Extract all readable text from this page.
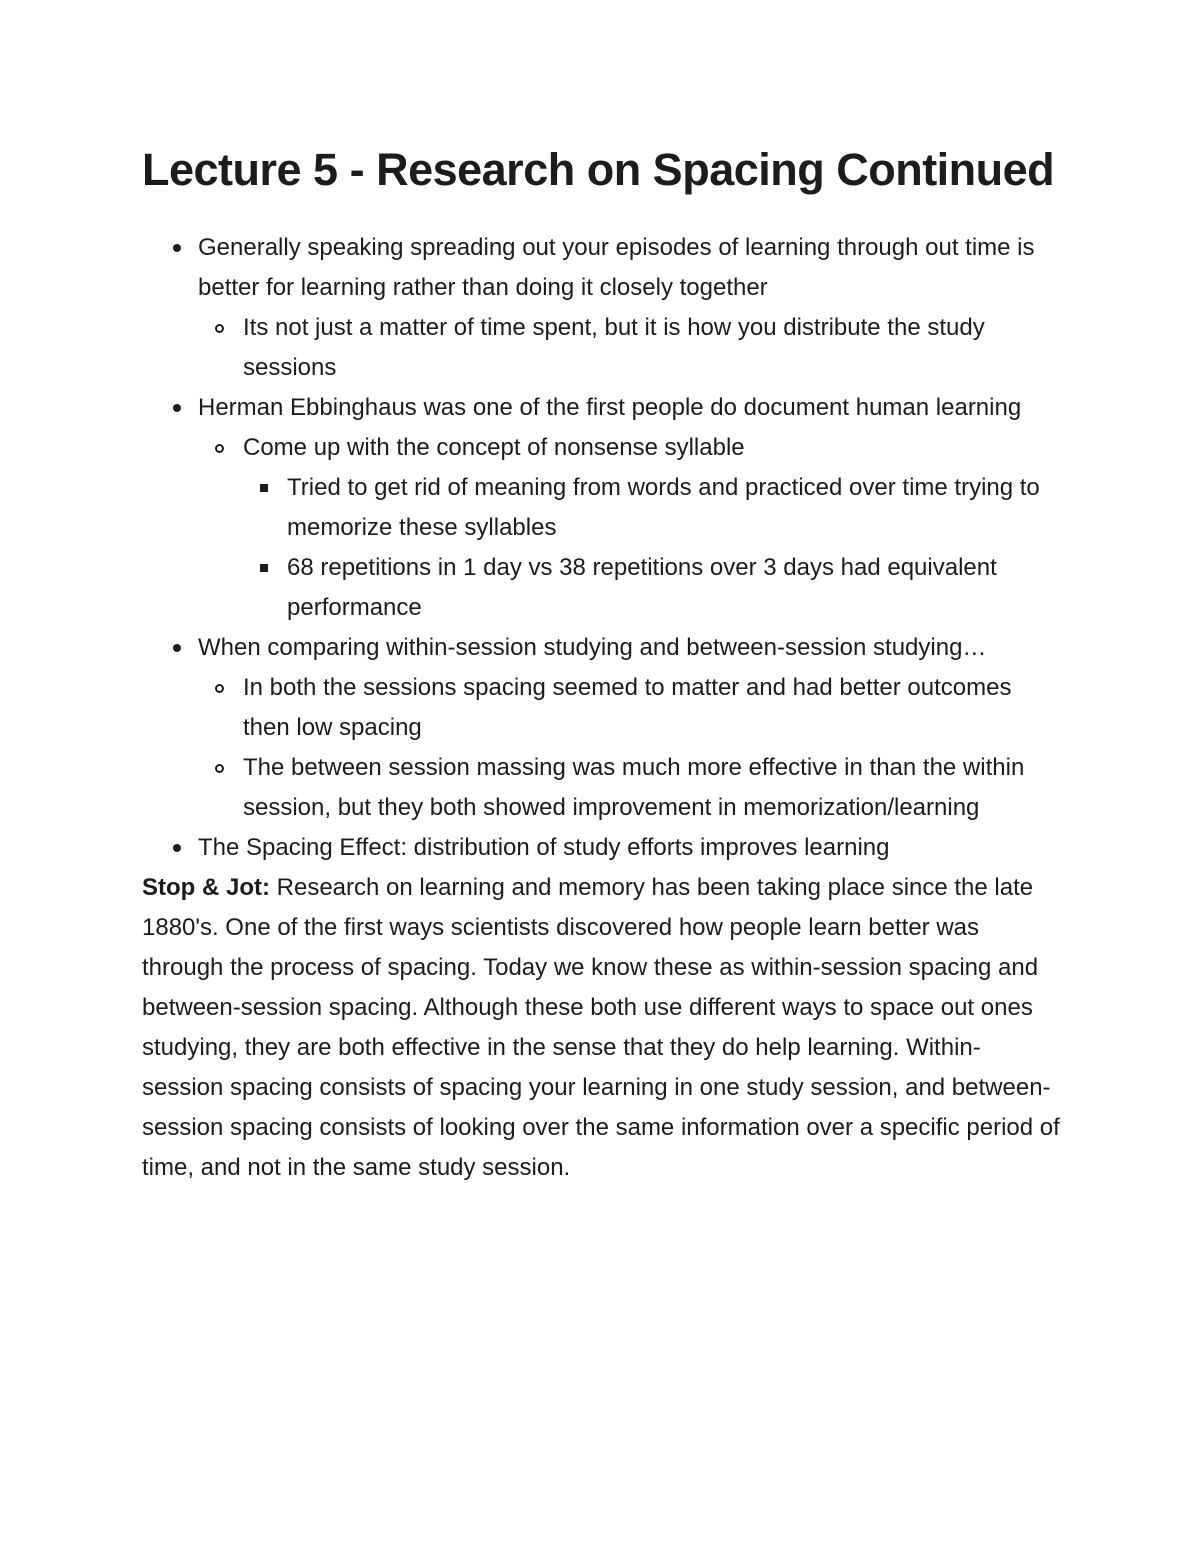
Lecture 5 - Research on Spacing Continued
Generally speaking spreading out your episodes of learning through out time is better for learning rather than doing it closely together
Its not just a matter of time spent, but it is how you distribute the study sessions
Herman Ebbinghaus was one of the first people do document human learning
Come up with the concept of nonsense syllable
Tried to get rid of meaning from words and practiced over time trying to memorize these syllables
68 repetitions in 1 day vs 38 repetitions over 3 days had equivalent performance
When comparing within-session studying and between-session studying…
In both the sessions spacing seemed to matter and had better outcomes then low spacing
The between session massing was much more effective in than the within session, but they both showed improvement in memorization/learning
The Spacing Effect: distribution of study efforts improves learning

Stop & Jot: Research on learning and memory has been taking place since the late 1880's. One of the first ways scientists discovered how people learn better was through the process of spacing. Today we know these as within-session spacing and between-session spacing. Although these both use different ways to space out ones studying, they are both effective in the sense that they do help learning. Within-session spacing consists of spacing your learning in one study session, and between-session spacing consists of looking over the same information over a specific period of time, and not in the same study session.
